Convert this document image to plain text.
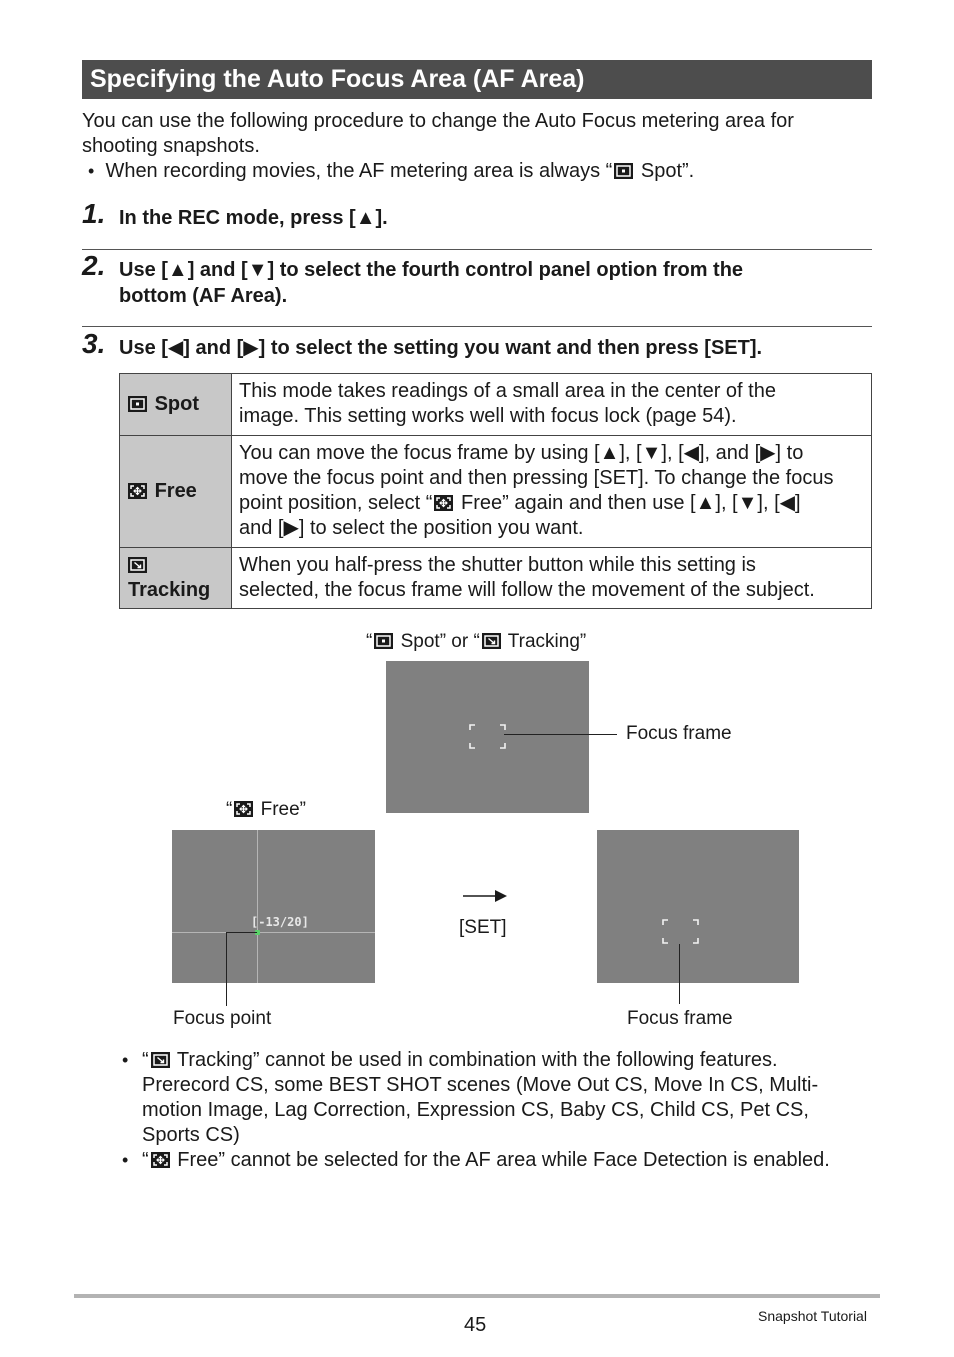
Specifying the Auto Focus Area (AF Area)
You can use the following procedure to change the Auto Focus metering area for
shooting snapshots.
• When recording movies, the AF metering area is always “
Spot”.
1. In the REC mode, press [▲].
2. Use [▲] and [▼] to select the fourth control panel option from the
bottom (AF Area).
3. Use [◀] and [▶] to select the setting you want and then press [SET].
Spot	This mode takes readings of a small area in the center of the
image. This setting works well with focus lock (page 54).

Free	You can move the focus frame by using [▲], [▼], [◀], and [▶] to
move the focus point and then pressing [SET]. To change the focus
point position, select “
Free” again and then use [▲], [▼], [◀]
and [▶] to select the position you want.

Tracking	When you half-press the shutter button while this setting is
selected, the focus frame will follow the movement of the subject.
“
Spot” or “
Tracking”
Focus frame
“
Free”
[-13/20]
Focus point
[SET]
Focus frame
• “
Tracking” cannot be used in combination with the following features.
Prerecord CS, some BEST SHOT scenes (Move Out CS, Move In CS, Multi-
motion Image, Lag Correction, Expression CS, Baby CS, Child CS, Pet CS,
Sports CS)
• “
Free” cannot be selected for the AF area while Face Detection is enabled.
45	Snapshot Tutorial
